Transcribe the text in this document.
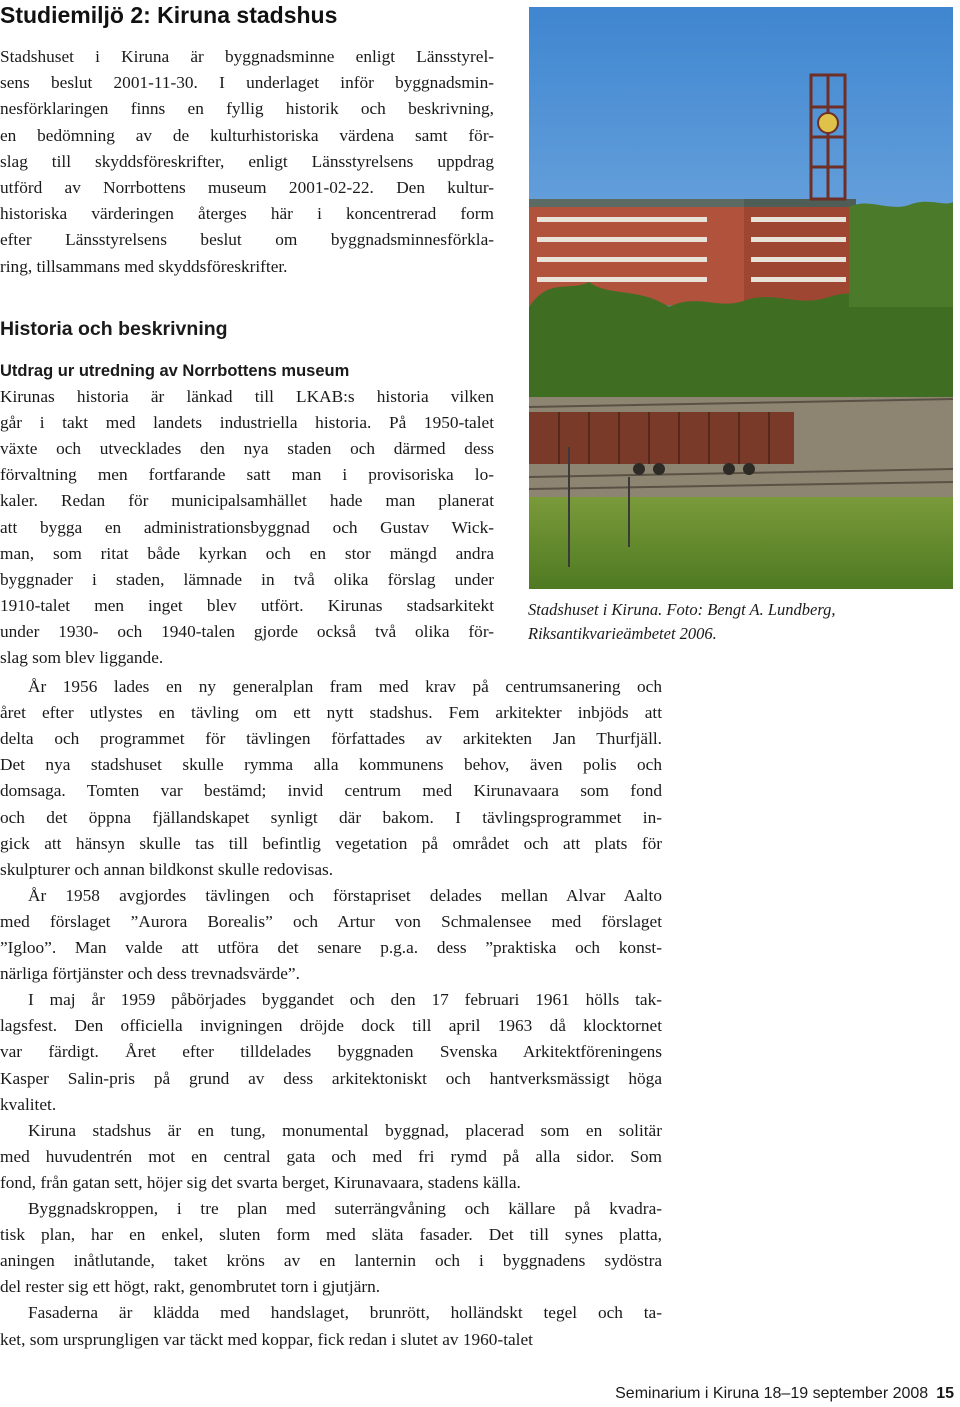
Studiemiljö 2: Kiruna stadshus
Stadshuset i Kiruna är byggnadsminne enligt Länsstyrel-
sens beslut 2001-11-30. I underlaget inför byggnadsmin-
nesförklaringen finns en fyllig historik och beskrivning,
en bedömning av de kulturhistoriska värdena samt för-
slag till skyddsföreskrifter, enligt Länsstyrelsens uppdrag
utförd av Norrbottens museum 2001-02-22. Den kultur-
historiska värderingen återges här i koncentrerad form
efter Länsstyrelsens beslut om byggnadsminnesförkla-
ring, tillsammans med skyddsföreskrifter.
Historia och beskrivning
Utdrag ur utredning av Norrbottens museum
Kirunas historia är länkad till LKAB:s historia vilken
går i takt med landets industriella historia. På 1950-talet
växte och utvecklades den nya staden och därmed dess
förvaltning men fortfarande satt man i provisoriska lo-
kaler. Redan för municipalsamhället hade man planerat
att bygga en administrationsbyggnad och Gustav Wick-
man, som ritat både kyrkan och en stor mängd andra
byggnader i staden, lämnade in två olika förslag under
1910-talet men inget blev utfört. Kirunas stadsarkitekt
under 1930- och 1940-talen gjorde också två olika för-
slag som blev liggande.
År 1956 lades en ny generalplan fram med krav på centrumsanering och
året efter utlystes en tävling om ett nytt stadshus. Fem arkitekter inbjöds att
delta och programmet för tävlingen författades av arkitekten Jan Thurfjäll.
Det nya stadshuset skulle rymma alla kommunens behov, även polis och
domsaga. Tomten var bestämd; invid centrum med Kirunavaara som fond
och det öppna fjällandskapet synligt där bakom. I tävlingsprogrammet in-
gick att hänsyn skulle tas till befintlig vegetation på området och att plats för
skulpturer och annan bildkonst skulle redovisas.
År 1958 avgjordes tävlingen och förstapriset delades mellan Alvar Aalto
med förslaget ”Aurora Borealis” och Artur von Schmalensee med förslaget
”Igloo”. Man valde att utföra det senare p.g.a. dess ”praktiska och konst-
närliga förtjänster och dess trevnadsvärde”.
I maj år 1959 påbörjades byggandet och den 17 februari 1961 hölls tak-
lagsfest. Den officiella invigningen dröjde dock till april 1963 då klocktornet
var färdigt. Året efter tilldelades byggnaden Svenska Arkitektföreningens
Kasper Salin-pris på grund av dess arkitektoniskt och hantverksmässigt höga
kvalitet.
Kiruna stadshus är en tung, monumental byggnad, placerad som en solitär
med huvudentrén mot en central gata och med fri rymd på alla sidor. Som
fond, från gatan sett, höjer sig det svarta berget, Kirunavaara, stadens källa.
Byggnadskroppen, i tre plan med suterrängvåning och källare på kvadra-
tisk plan, har en enkel, sluten form med släta fasader. Det till synes platta,
aningen inåtlutande, taket kröns av en lanternin och i byggnadens sydöstra
del rester sig ett högt, rakt, genombrutet torn i gjutjärn.
Fasaderna är klädda med handslaget, brunrött, holländskt tegel och ta-
ket, som ursprungligen var täckt med koppar, fick redan i slutet av 1960-talet
Stadshuset i Kiruna. Foto: Bengt A. Lundberg,
Riksantikvarieämbetet 2006.
Seminarium i Kiruna 18–19 september 2008 15
